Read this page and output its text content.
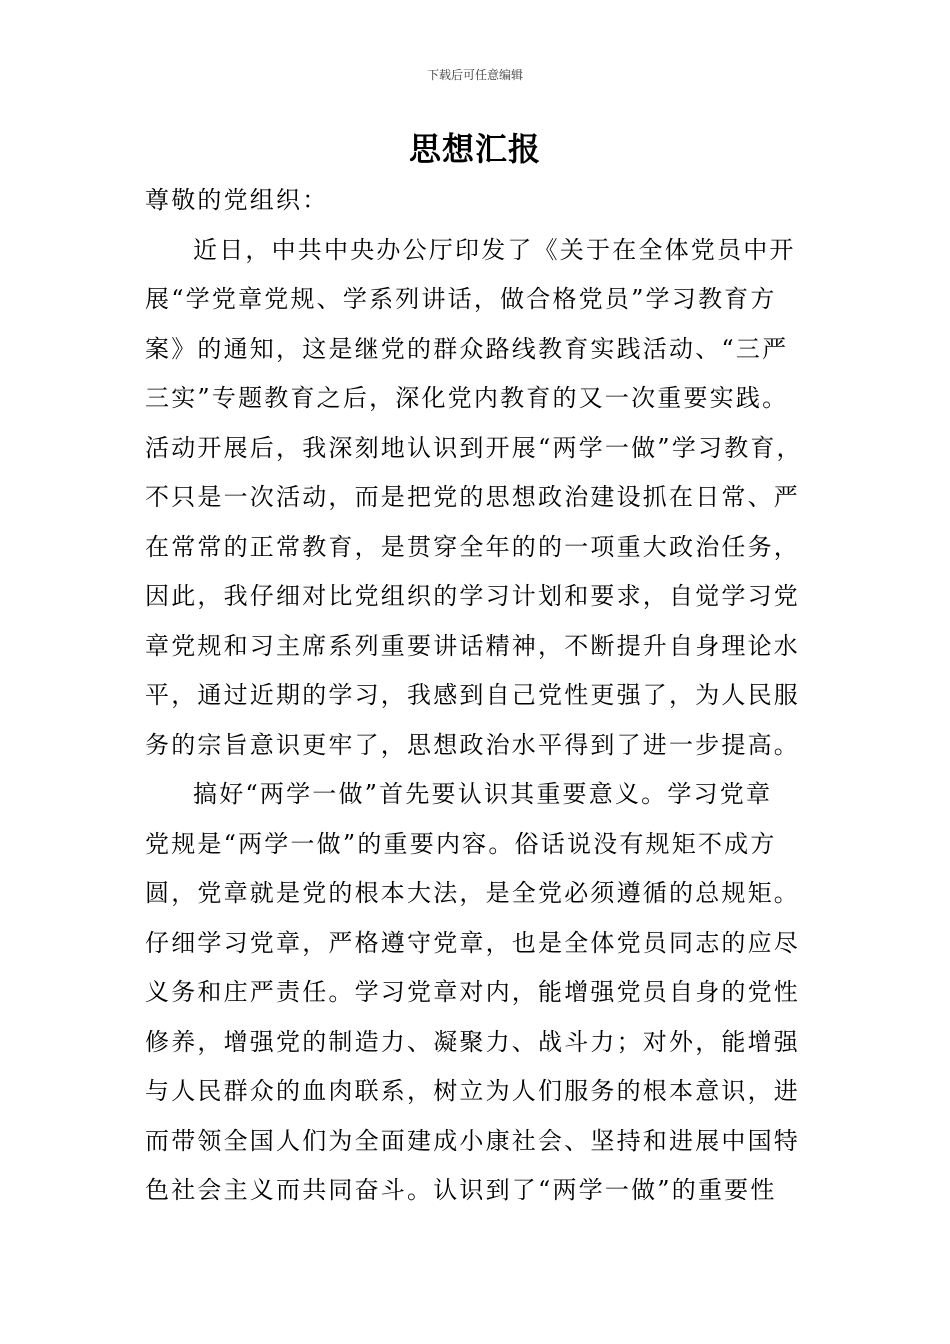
下载后可任意编辑
思想汇报
尊敬的党组织：
近日，中共中央办公厅印发了《关于在全体党员中开
展“学党章党规、学系列讲话，做合格党员”学习教育方
案》的通知，这是继党的群众路线教育实践活动、“三严
三实”专题教育之后，深化党内教育的又一次重要实践。
活动开展后，我深刻地认识到开展“两学一做”学习教育，
不只是一次活动，而是把党的思想政治建设抓在日常、严
在常常的正常教育，是贯穿全年的的一项重大政治任务，
因此，我仔细对比党组织的学习计划和要求，自觉学习党
章党规和习主席系列重要讲话精神，不断提升自身理论水
平，通过近期的学习，我感到自己党性更强了，为人民服
务的宗旨意识更牢了，思想政治水平得到了进一步提高。
搞好“两学一做”首先要认识其重要意义。学习党章
党规是“两学一做”的重要内容。俗话说没有规矩不成方
圆，党章就是党的根本大法，是全党必须遵循的总规矩。
仔细学习党章，严格遵守党章，也是全体党员同志的应尽
义务和庄严责任。学习党章对内，能增强党员自身的党性
修养，增强党的制造力、凝聚力、战斗力；对外，能增强
与人民群众的血肉联系，树立为人们服务的根本意识，进
而带领全国人们为全面建成小康社会、坚持和进展中国特
色社会主义而共同奋斗。认识到了“两学一做”的重要性
